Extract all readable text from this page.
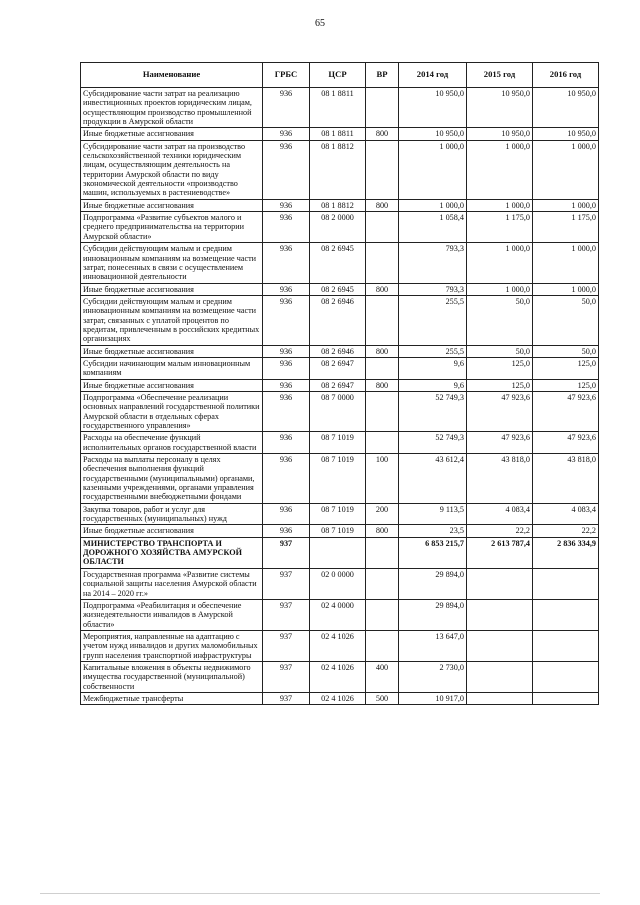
65
Наименование	ГРБС	ЦСР	ВР	2014 год	2015 год	2016 год
Субсидирование части затрат на реализацию инвестиционных проектов юридическим лицам, осуществляющим производство промышленной продукции в Амурской области	936	08 1 8811		10 950,0	10 950,0	10 950,0
Иные бюджетные ассигнования	936	08 1 8811	800	10 950,0	10 950,0	10 950,0
Субсидирование части затрат на производство сельскохозяйственной техники юридическим лицам, осуществляющим деятельность на территории Амурской области по виду экономической деятельности «производство машин, используемых в растениеводстве»	936	08 1 8812		1 000,0	1 000,0	1 000,0
Иные бюджетные ассигнования	936	08 1 8812	800	1 000,0	1 000,0	1 000,0
Подпрограмма «Развитие субъектов малого и среднего предпринимательства на территории Амурской области»	936	08 2 0000		1 058,4	1 175,0	1 175,0
Субсидии действующим малым и средним инновационным компаниям на возмещение части затрат, понесенных в связи с осуществлением инновационной деятельности	936	08 2 6945		793,3	1 000,0	1 000,0
Иные бюджетные ассигнования	936	08 2 6945	800	793,3	1 000,0	1 000,0
Субсидии действующим малым и средним инновационным компаниям на возмещение части затрат, связанных с уплатой процентов по кредитам, привлеченным в российских кредитных организациях	936	08 2 6946		255,5	50,0	50,0
Иные бюджетные ассигнования	936	08 2 6946	800	255,5	50,0	50,0
Субсидии начинающим малым инновационным компаниям	936	08 2 6947		9,6	125,0	125,0
Иные бюджетные ассигнования	936	08 2 6947	800	9,6	125,0	125,0
Подпрограмма «Обеспечение реализации основных направлений государственной политики Амурской области в отдельных сферах государственного управления»	936	08 7 0000		52 749,3	47 923,6	47 923,6
Расходы на обеспечение функций исполнительных органов государственной власти	936	08 7 1019		52 749,3	47 923,6	47 923,6
Расходы на выплаты персоналу в целях обеспечения выполнения функций государственными (муниципальными) органами, казенными учреждениями, органами управления государственными внебюджетными фондами	936	08 7 1019	100	43 612,4	43 818,0	43 818,0
Закупка товаров, работ и услуг для государственных (муниципальных) нужд	936	08 7 1019	200	9 113,5	4 083,4	4 083,4
Иные бюджетные ассигнования	936	08 7 1019	800	23,5	22,2	22,2
МИНИСТЕРСТВО ТРАНСПОРТА И ДОРОЖНОГО ХОЗЯЙСТВА АМУРСКОЙ ОБЛАСТИ	937			6 853 215,7	2 613 787,4	2 836 334,9
Государственная программа «Развитие системы социальной защиты населения Амурской области на 2014 – 2020 гг.»	937	02 0 0000		29 894,0		
Подпрограмма «Реабилитация и обеспечение жизнедеятельности инвалидов в Амурской области»	937	02 4 0000		29 894,0		
Мероприятия, направленные на адаптацию с учетом нужд инвалидов и других маломобильных групп населения транспортной инфраструктуры	937	02 4 1026		13 647,0		
Капитальные вложения в объекты недвижимого имущества государственной (муниципальной) собственности	937	02 4 1026	400	2 730,0		
Межбюджетные трансферты	937	02 4 1026	500	10 917,0		
